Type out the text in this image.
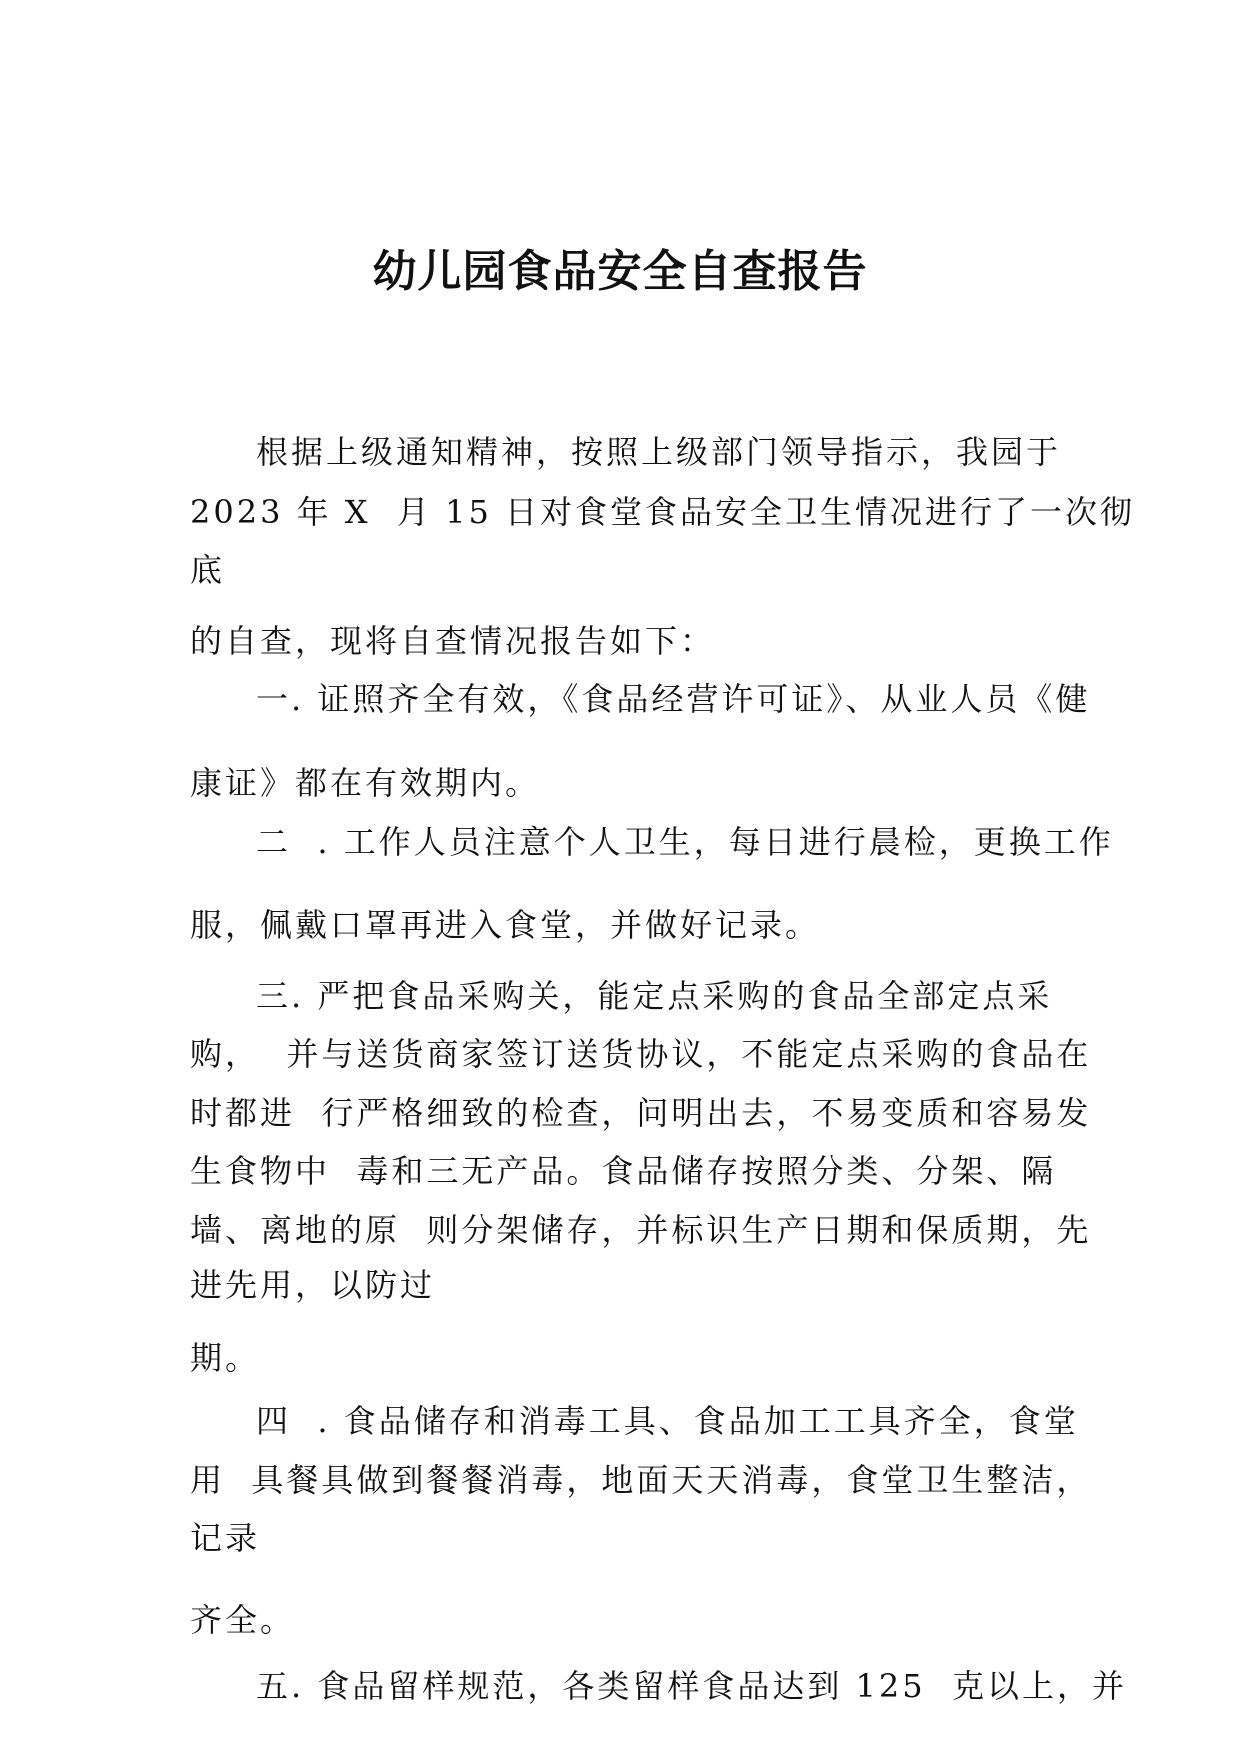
幼儿园食品安全自查报告
根据上级通知精神，按照上级部门领导指示，我园于
2023 年 X  月 15 日对食堂食品安全卫生情况进行了一次彻
底
的自查，现将自查情况报告如下：
一. 证照齐全有效，《食品经营许可证》、从业人员《健
康证》都在有效期内。
二  . 工作人员注意个人卫生，每日进行晨检，更换工作
服，佩戴口罩再进入食堂，并做好记录。
三. 严把食品采购关，能定点采购的食品全部定点采
购，  并与送货商家签订送货协议，不能定点采购的食品在
时都进  行严格细致的检查，问明出去，不易变质和容易发
生食物中  毒和三无产品。食品储存按照分类、分架、隔
墙、离地的原  则分架储存，并标识生产日期和保质期，先
进先用，以防过
期。
四  . 食品储存和消毒工具、食品加工工具齐全，食堂
用  具餐具做到餐餐消毒，地面天天消毒，食堂卫生整洁，
记录
齐全。
五. 食品留样规范，各类留样食品达到 125  克以上，并
